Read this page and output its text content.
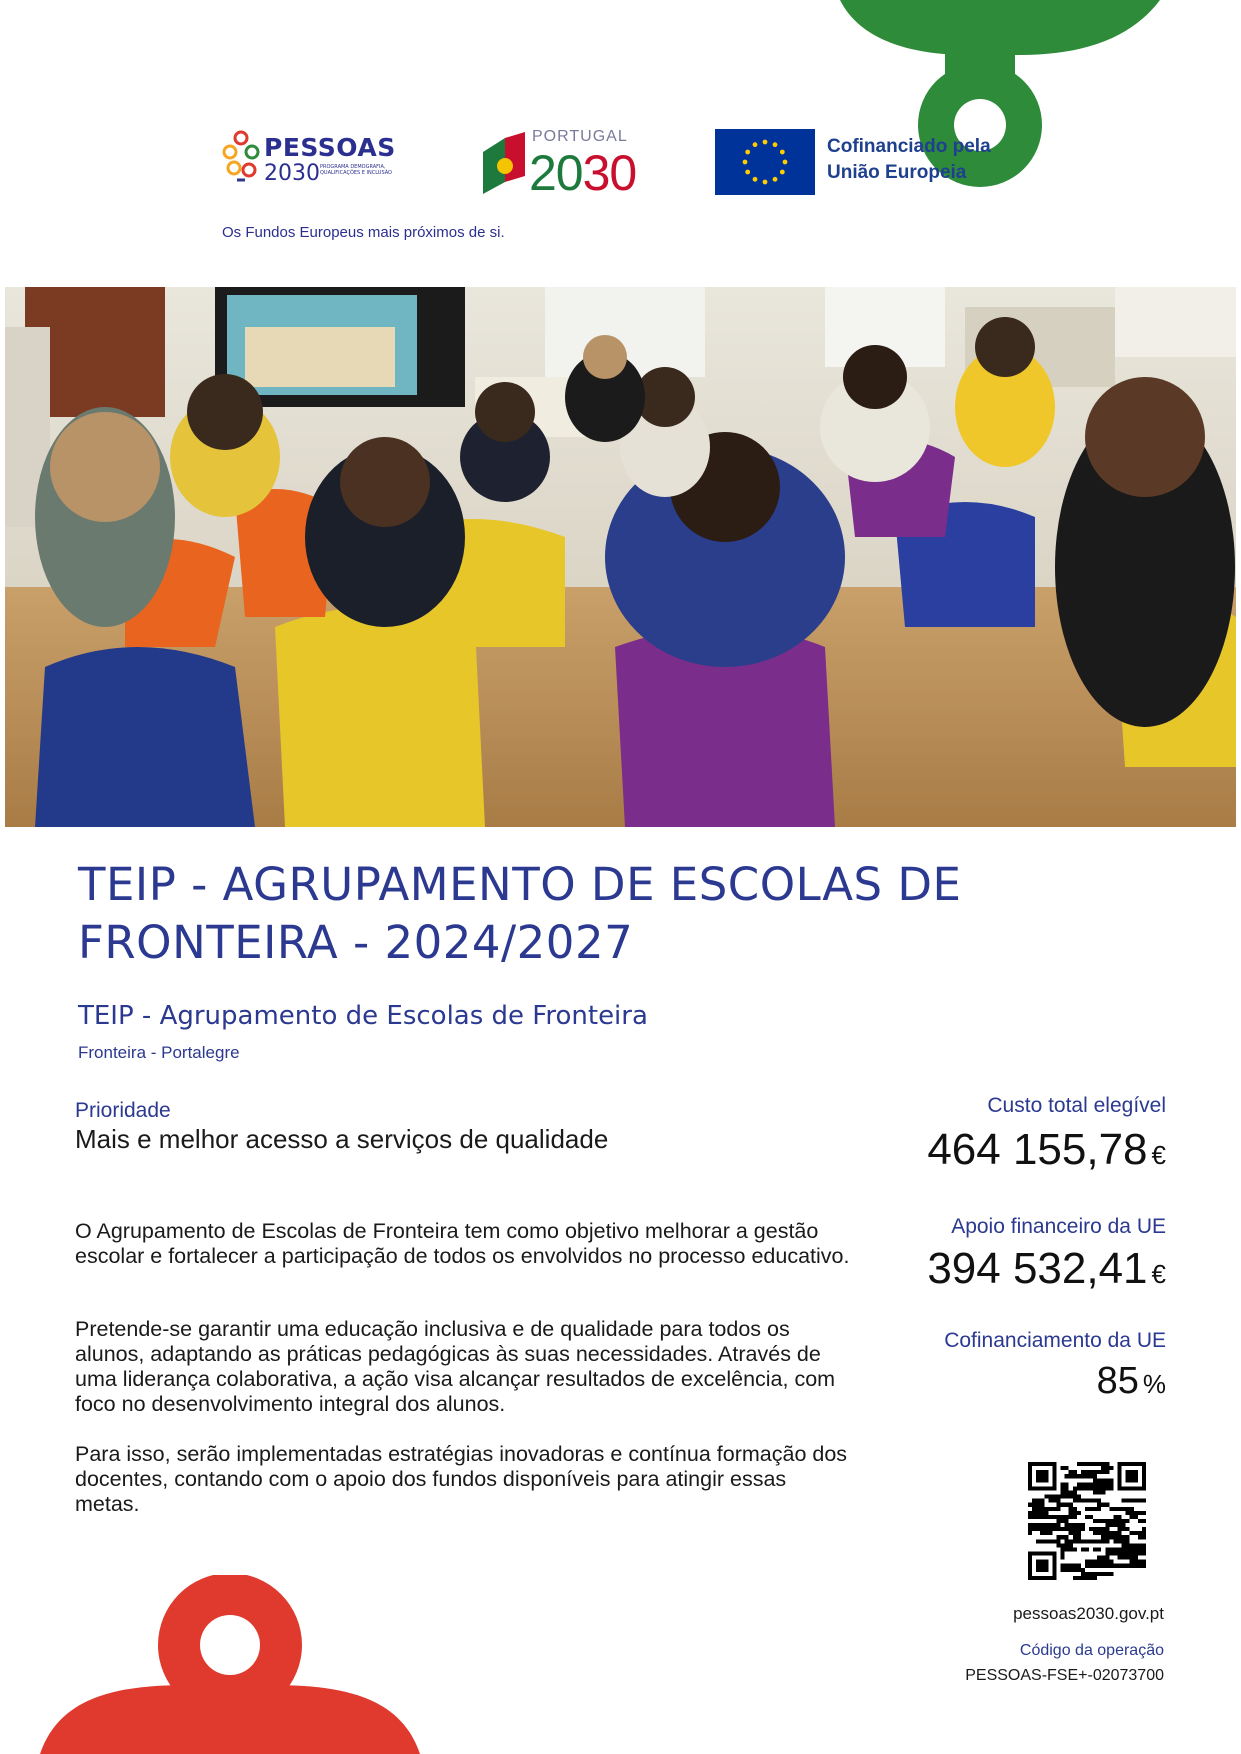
PESSOAS
2030 PROGRAMA DEMOGRAFIA, QUALIFICAÇÕES E INCLUSÃO
Os Fundos Europeus mais próximos de si.
PORTUGAL
2030	Cofinanciado pela
União Europeia
TEIP - AGRUPAMENTO DE ESCOLAS DE FRONTEIRA - 2024/2027
TEIP - Agrupamento de Escolas de Fronteira
Fronteira - Portalegre
Prioridade
Mais e melhor acesso a serviços de qualidade

O Agrupamento de Escolas de Fronteira tem como objetivo melhorar a gestão escolar e fortalecer a participação de todos os envolvidos no processo educativo.

Pretende-se garantir uma educação inclusiva e de qualidade para todos os alunos, adaptando as práticas pedagógicas às suas necessidades. Através de uma liderança colaborativa, a ação visa alcançar resultados de excelência, com foco no desenvolvimento integral dos alunos.

Para isso, serão implementadas estratégias inovadoras e contínua formação dos docentes, contando com o apoio dos fundos disponíveis para atingir essas metas.

Custo total elegível
464 155,78 €
Apoio financeiro da UE
394 532,41 €
Cofinanciamento da UE
85 %
pessoas2030.gov.pt
Código da operação
PESSOAS-FSE+-02073700
